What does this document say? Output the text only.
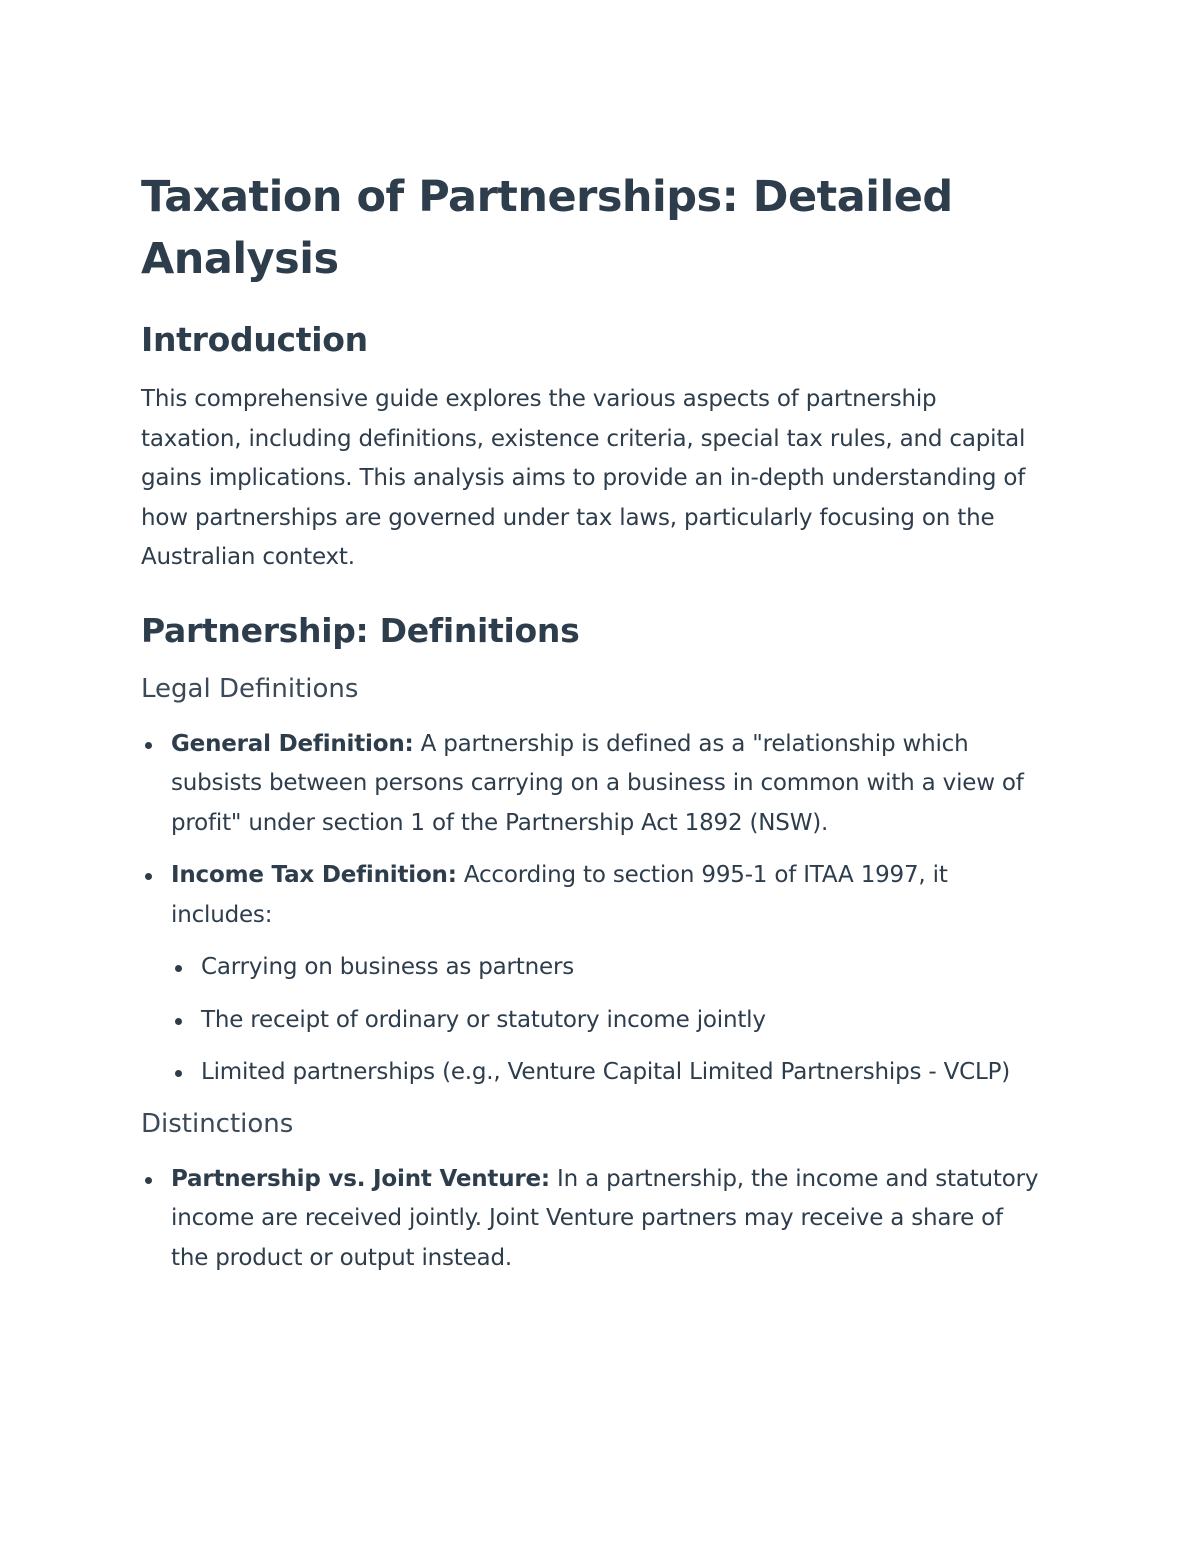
Taxation of Partnerships: Detailed Analysis
Introduction

This comprehensive guide explores the various aspects of partnership taxation, including definitions, existence criteria, special tax rules, and capital gains implications. This analysis aims to provide an in-depth understanding of how partnerships are governed under tax laws, particularly focusing on the Australian context.

Partnership: Definitions
Legal Definitions
General Definition: A partnership is defined as a "relationship which subsists between persons carrying on a business in common with a view of profit" under section 1 of the Partnership Act 1892 (NSW).
Income Tax Definition: According to section 995-1 of ITAA 1997, it includes:
Carrying on business as partners
The receipt of ordinary or statutory income jointly
Limited partnerships (e.g., Venture Capital Limited Partnerships - VCLP)
Distinctions
Partnership vs. Joint Venture: In a partnership, the income and statutory income are received jointly. Joint Venture partners may receive a share of the product or output instead.
